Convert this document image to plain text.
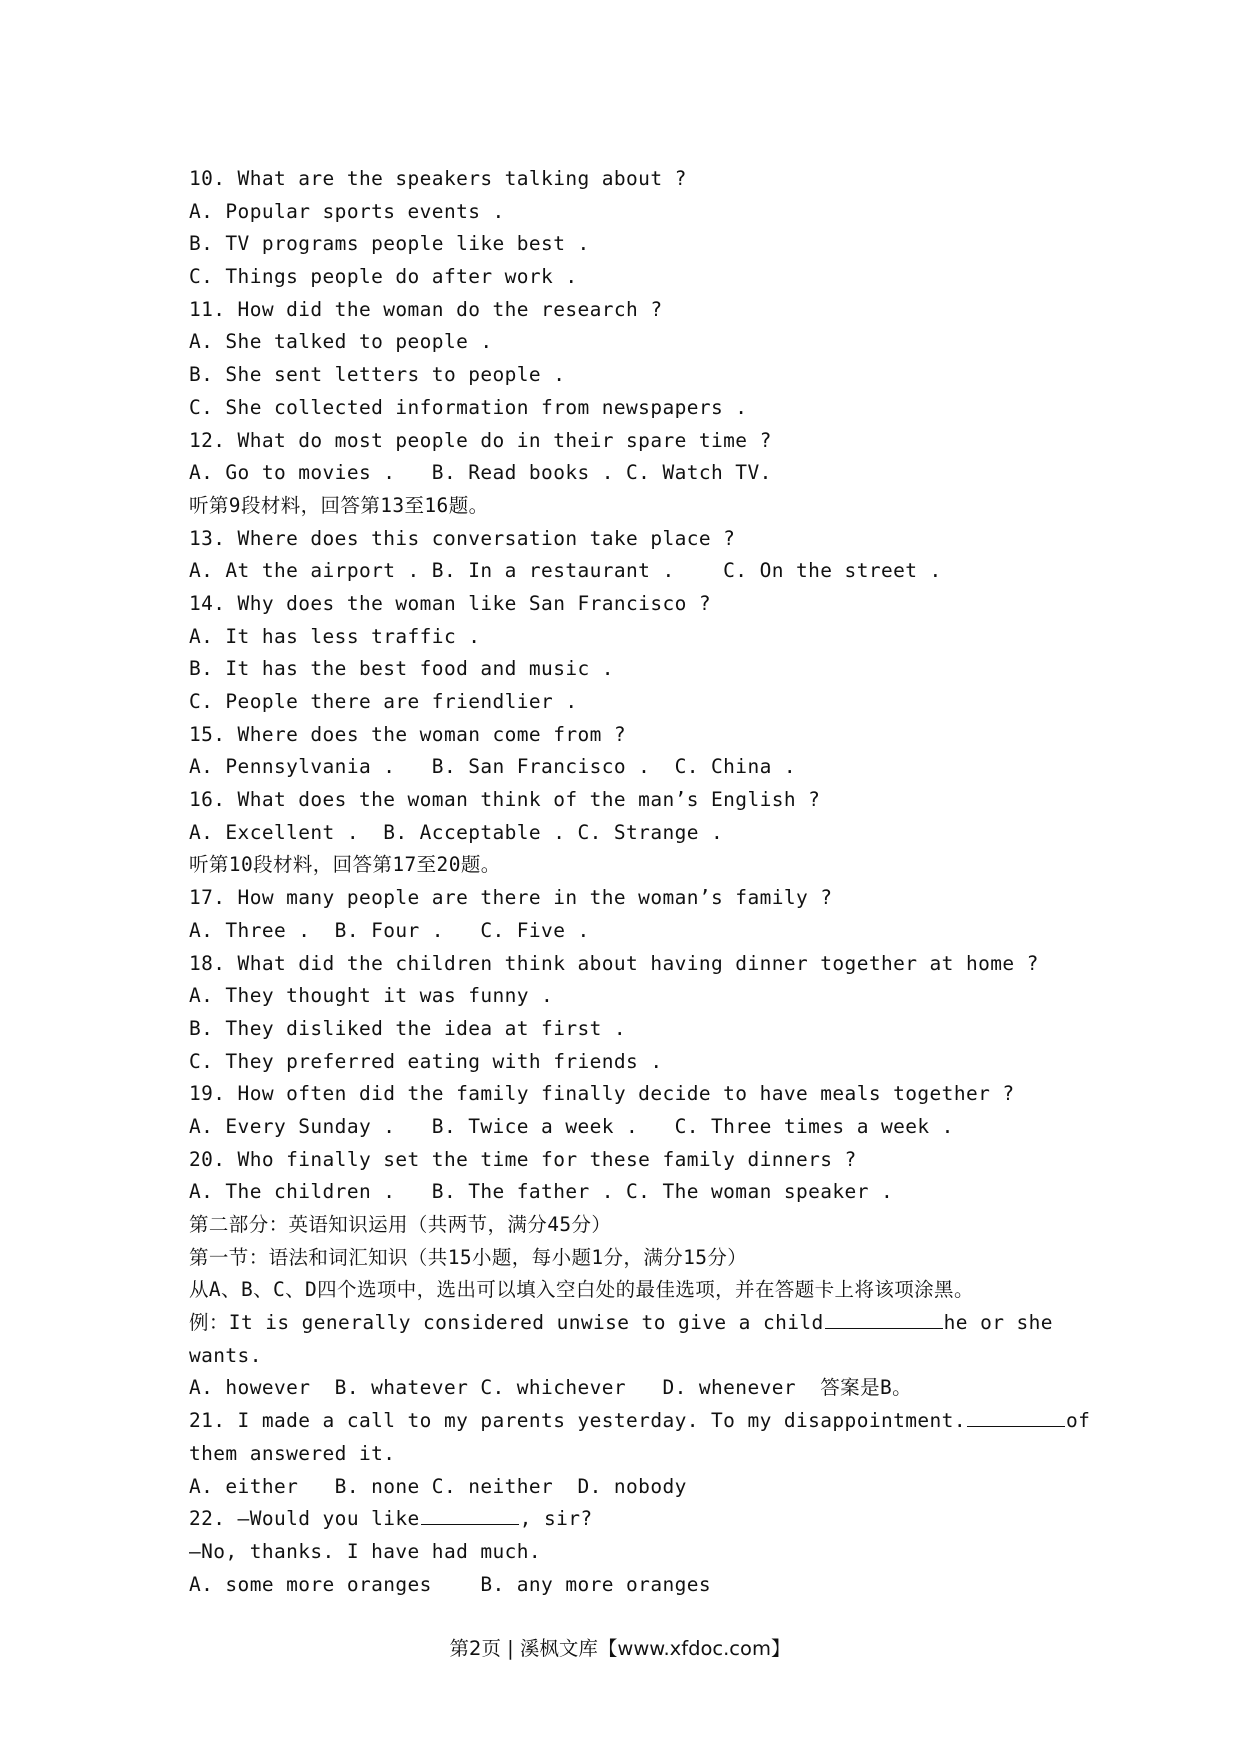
10. What are the speakers talking about ?
A. Popular sports events .
B. TV programs people like best .
C. Things people do after work .
11. How did the woman do the research ?
A. She talked to people .
B. She sent letters to people .
C. She collected information from newspapers .
12. What do most people do in their spare time ?
A. Go to movies .   B. Read books . C. Watch TV.
听第9段材料，回答第13至16题。
13. Where does this conversation take place ?
A. At the airport . B. In a restaurant .    C. On the street .
14. Why does the woman like San Francisco ?
A. It has less traffic .
B. It has the best food and music .
C. People there are friendlier .
15. Where does the woman come from ?
A. Pennsylvania .   B. San Francisco .  C. China .
16. What does the woman think of the man’s English ?
A. Excellent .  B. Acceptable . C. Strange .
听第10段材料，回答第17至20题。
17. How many people are there in the woman’s family ?
A. Three .  B. Four .   C. Five .
18. What did the children think about having dinner together at home ?
A. They thought it was funny .
B. They disliked the idea at first .
C. They preferred eating with friends .
19. How often did the family finally decide to have meals together ?
A. Every Sunday .   B. Twice a week .   C. Three times a week .
20. Who finally set the time for these family dinners ?
A. The children .   B. The father . C. The woman speaker .
第二部分：英语知识运用（共两节，满分45分）
第一节：语法和词汇知识（共15小题，每小题1分，满分15分）
从A、B、C、D四个选项中，选出可以填入空白处的最佳选项，并在答题卡上将该项涂黑。
例：It is generally considered unwise to give a child	he or she
wants.
A. however  B. whatever C. whichever   D. whenever  答案是B。
21. I made a call to my parents yesterday. To my disappointment.	of
them answered it.
A. either   B. none C. neither  D. nobody
22. —Would you like	, sir?
—No, thanks. I have had much.
A. some more oranges    B. any more oranges
第2页 | 溪枫文库【www.xfdoc.com】
